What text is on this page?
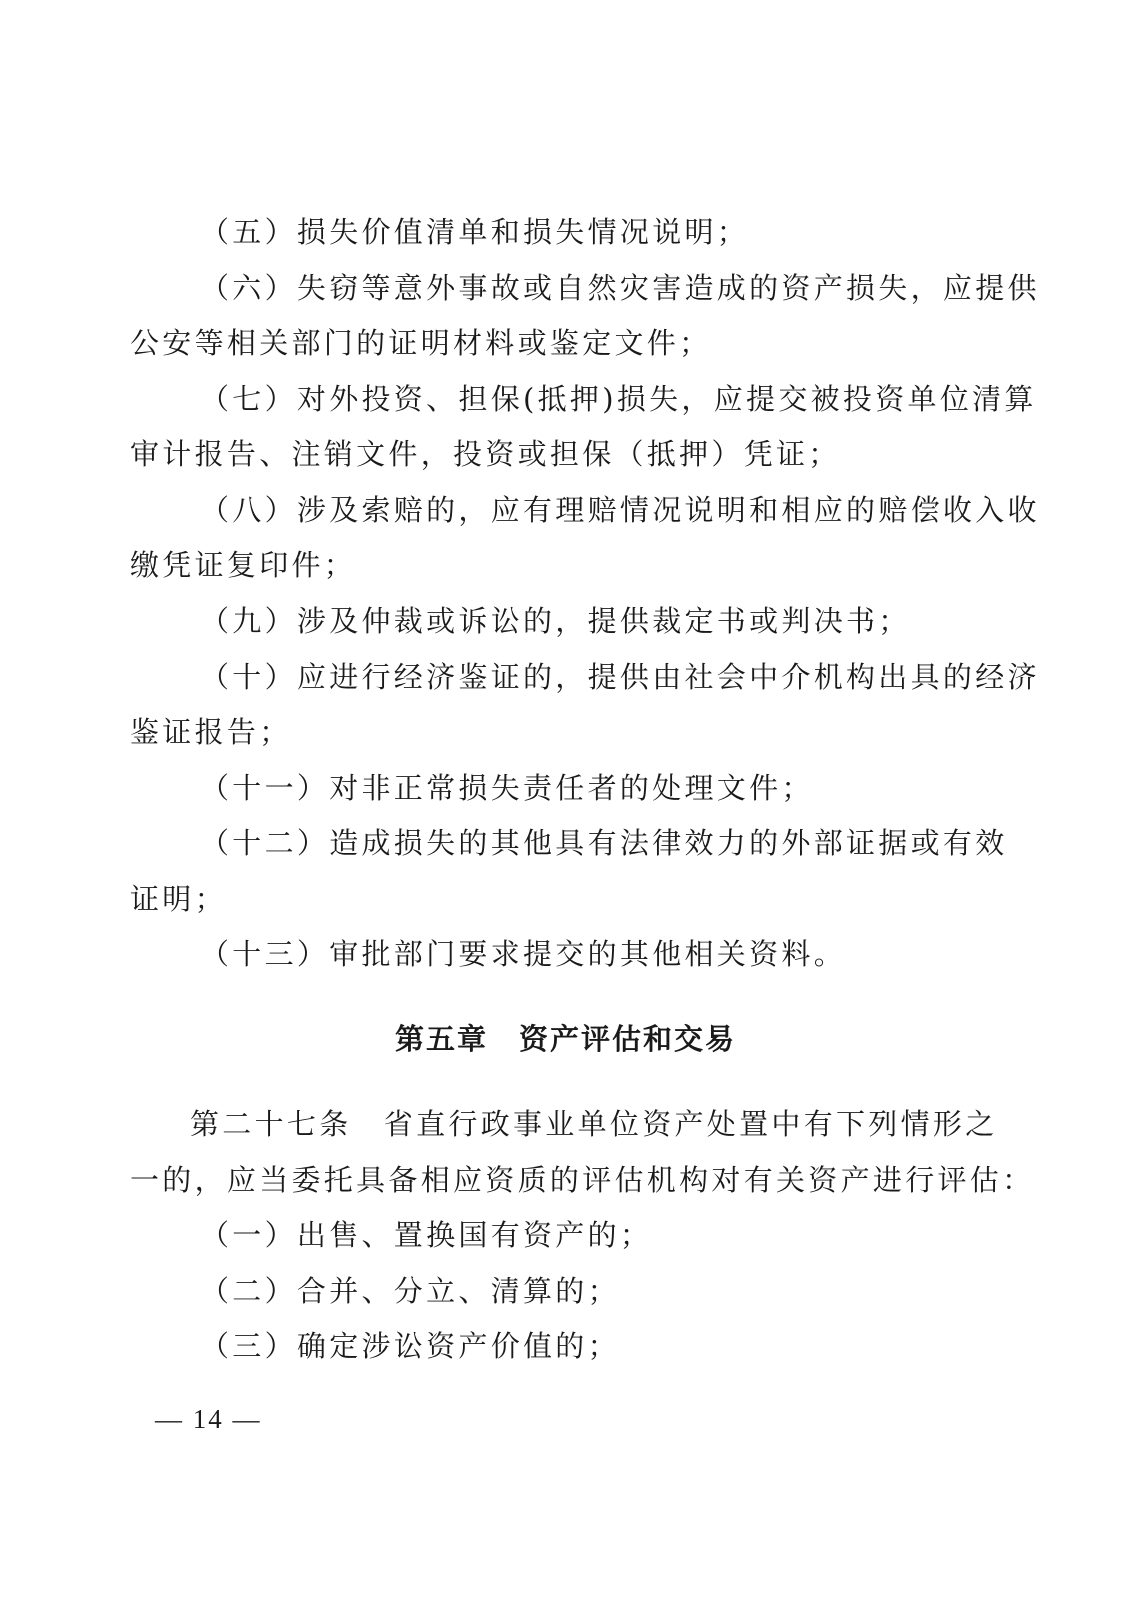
（五）损失价值清单和损失情况说明；
（六）失窃等意外事故或自然灾害造成的资产损失，应提供
公安等相关部门的证明材料或鉴定文件；
（七）对外投资、担保(抵押)损失，应提交被投资单位清算
审计报告、注销文件，投资或担保（抵押）凭证；
（八）涉及索赔的，应有理赔情况说明和相应的赔偿收入收
缴凭证复印件；
（九）涉及仲裁或诉讼的，提供裁定书或判决书；
（十）应进行经济鉴证的，提供由社会中介机构出具的经济
鉴证报告；
（十一）对非正常损失责任者的处理文件；
（十二）造成损失的其他具有法律效力的外部证据或有效
证明；
（十三）审批部门要求提交的其他相关资料。
第五章　资产评估和交易
第二十七条　省直行政事业单位资产处置中有下列情形之
一的，应当委托具备相应资质的评估机构对有关资产进行评估：
（一）出售、置换国有资产的；
（二）合并、分立、清算的；
（三）确定涉讼资产价值的；
— 14 —
